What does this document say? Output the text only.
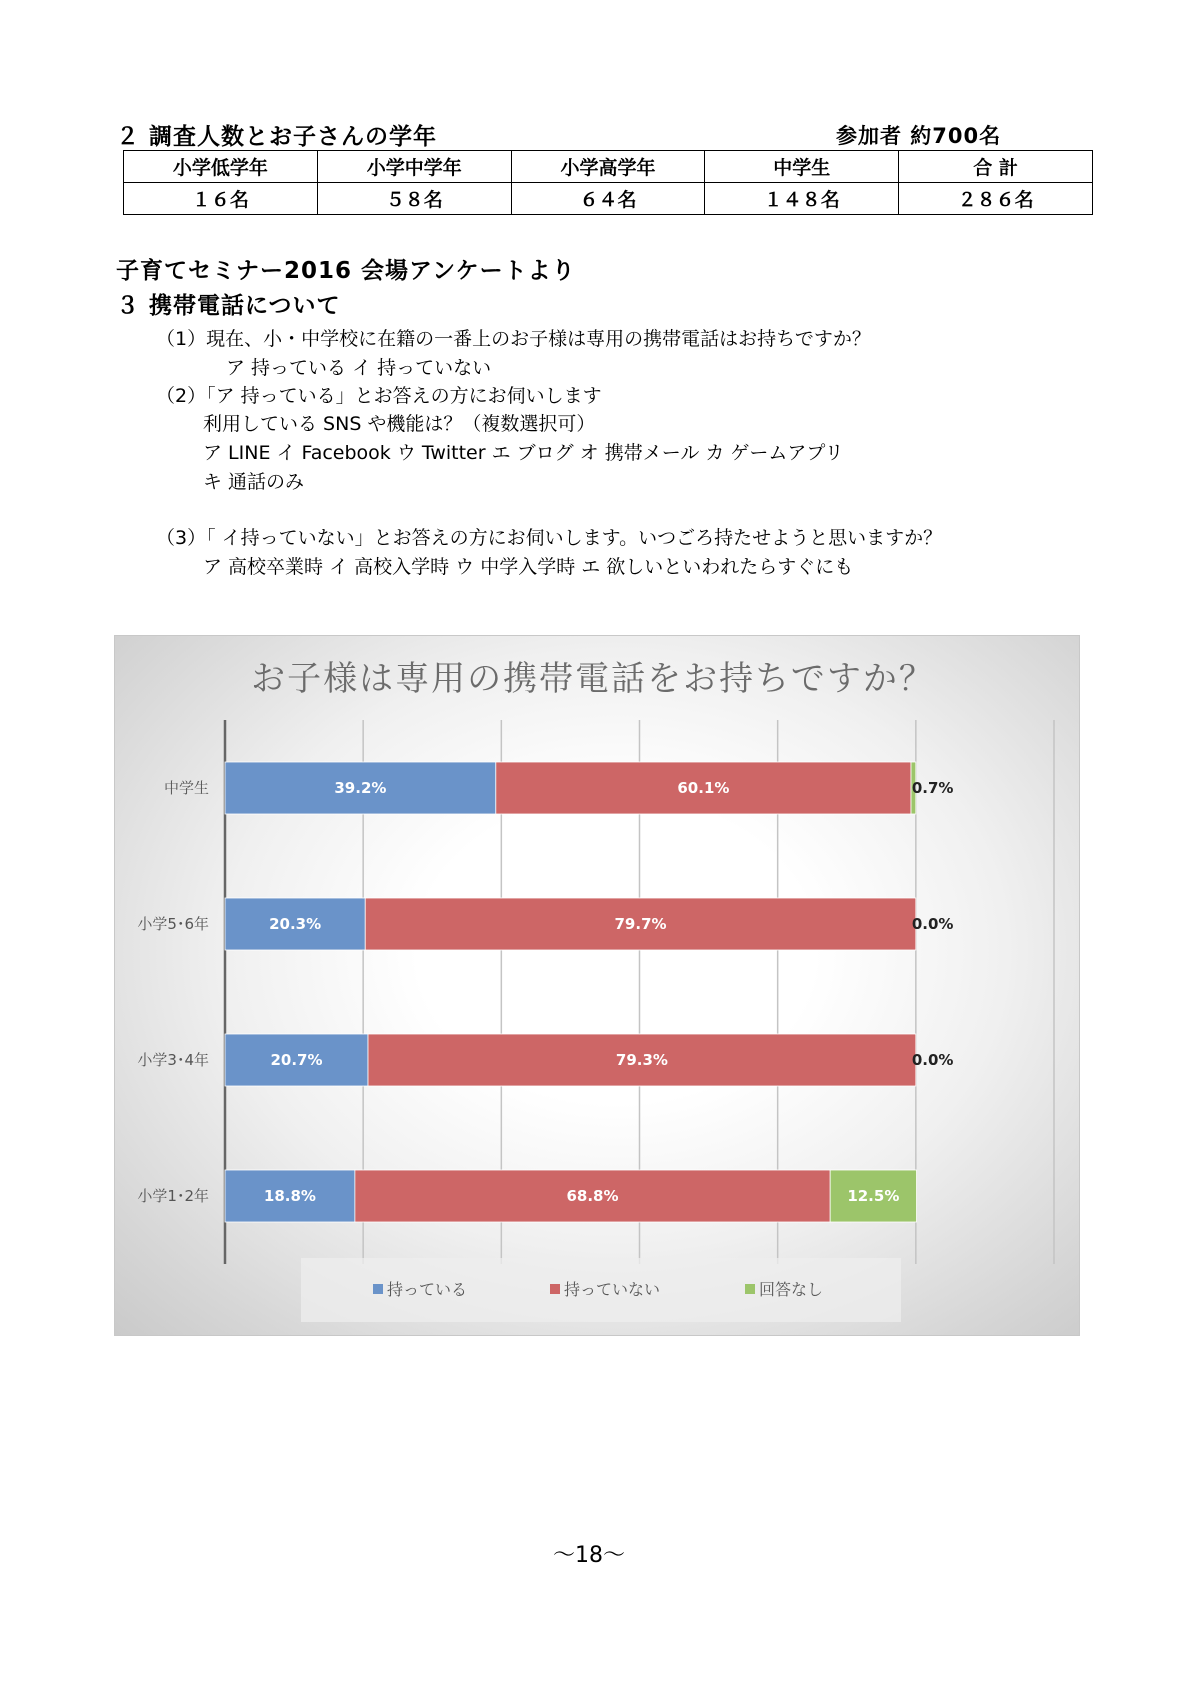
２ 調査人数とお子さんの学年	参加者 約700名
小学低学年	小学中学年	小学高学年	中学生	合 計
１６名	５８名	６４名	１４８名	２８６名
子育てセミナー2016 会場アンケートより
３ 携帯電話について
（1）現在、小・中学校に在籍の一番上のお子様は専用の携帯電話はお持ちですか？
ア 持っている イ 持っていない
（2）「ア 持っている」とお答えの方にお伺いします
利用している SNS や機能は？（複数選択可）
ア LINE イ Facebook ウ Twitter エ ブログ オ 携帯メール カ ゲームアプリ
キ 通話のみ
（3）「 イ持っていない」とお答えの方にお伺いします。いつごろ持たせようと思いますか？
ア 高校卒業時 イ 高校入学時 ウ 中学入学時 エ 欲しいといわれたらすぐにも
お子様は専用の携帯電話をお持ちですか？
39.2%	60.1%	0.7%
20.3%	79.7%	0.0%
20.7%	79.3%	0.0%
18.8%	68.8%	12.5%
中学生
小学5･6年
小学3･4年
小学1･2年
持っている	持っていない	回答なし
～18～
